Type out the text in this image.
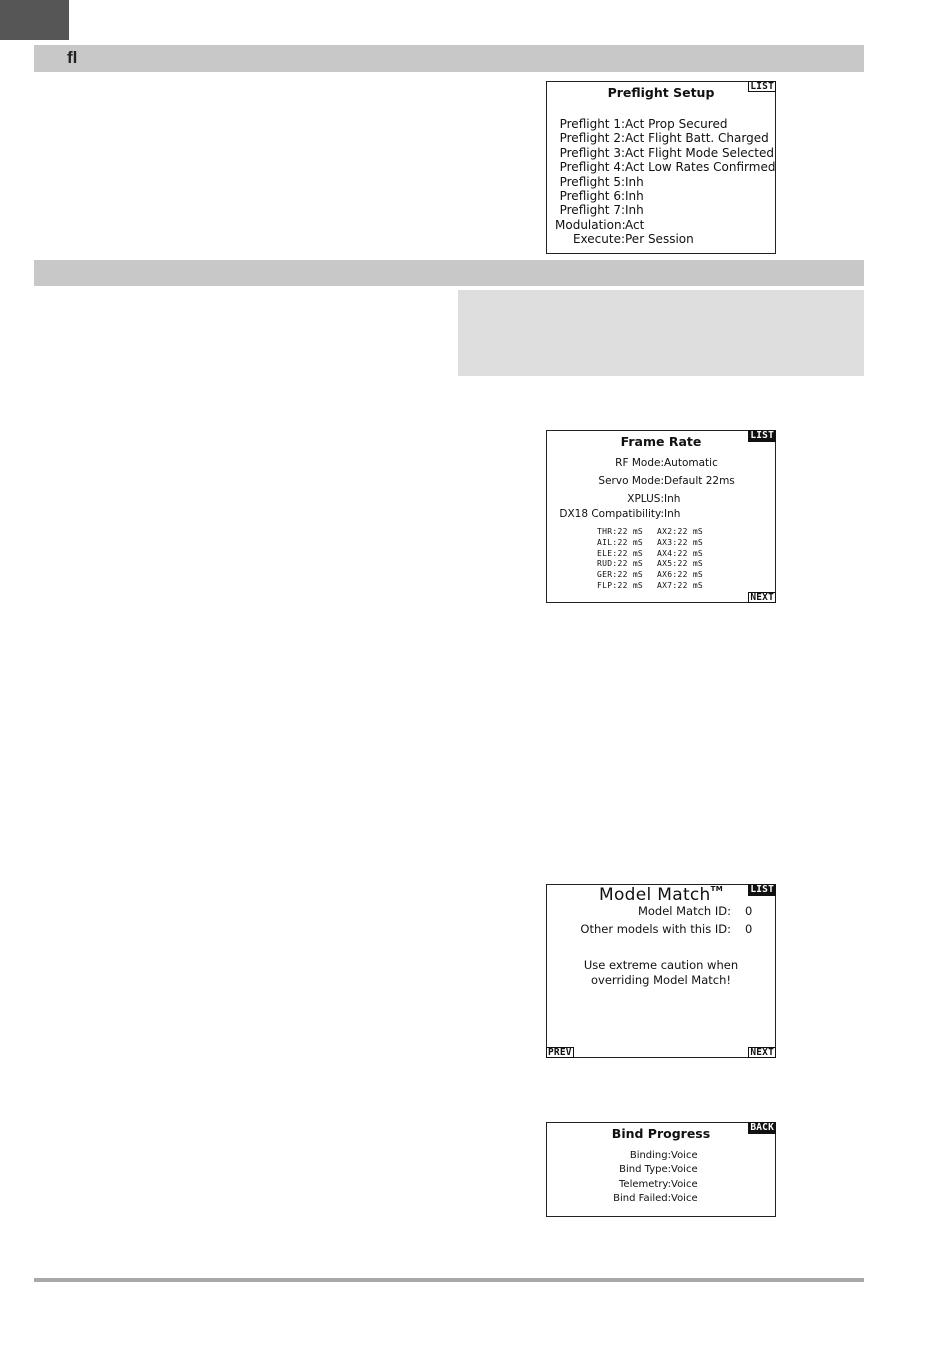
fl
Preflight Setup	LIST
Preflight 1:Act Prop Secured
Preflight 2:Act Flight Batt. Charged
Preflight 3:Act Flight Mode Selected
Preflight 4:Act Low Rates Confirmed
Preflight 5:Inh
Preflight 6:Inh
Preflight 7:Inh
Modulation:Act
Execute:Per Session
Frame Rate	LIST
RF Mode:Automatic
Servo Mode:Default 22ms
XPLUS:Inh
DX18 Compatibility:Inh
THR:22 mS AX2:22 mS
AIL:22 mS AX3:22 mS
ELE:22 mS AX4:22 mS
RUD:22 mS AX5:22 mS
GER:22 mS AX6:22 mS
FLP:22 mS AX7:22 mS
NEXT
Model Match™	LIST
Model Match ID: 0
Other models with this ID: 0
Use extreme caution when
overriding Model Match!
PREV	NEXT
Bind Progress	BACK
Binding:Voice
Bind Type:Voice
Telemetry:Voice
Bind Failed:Voice
